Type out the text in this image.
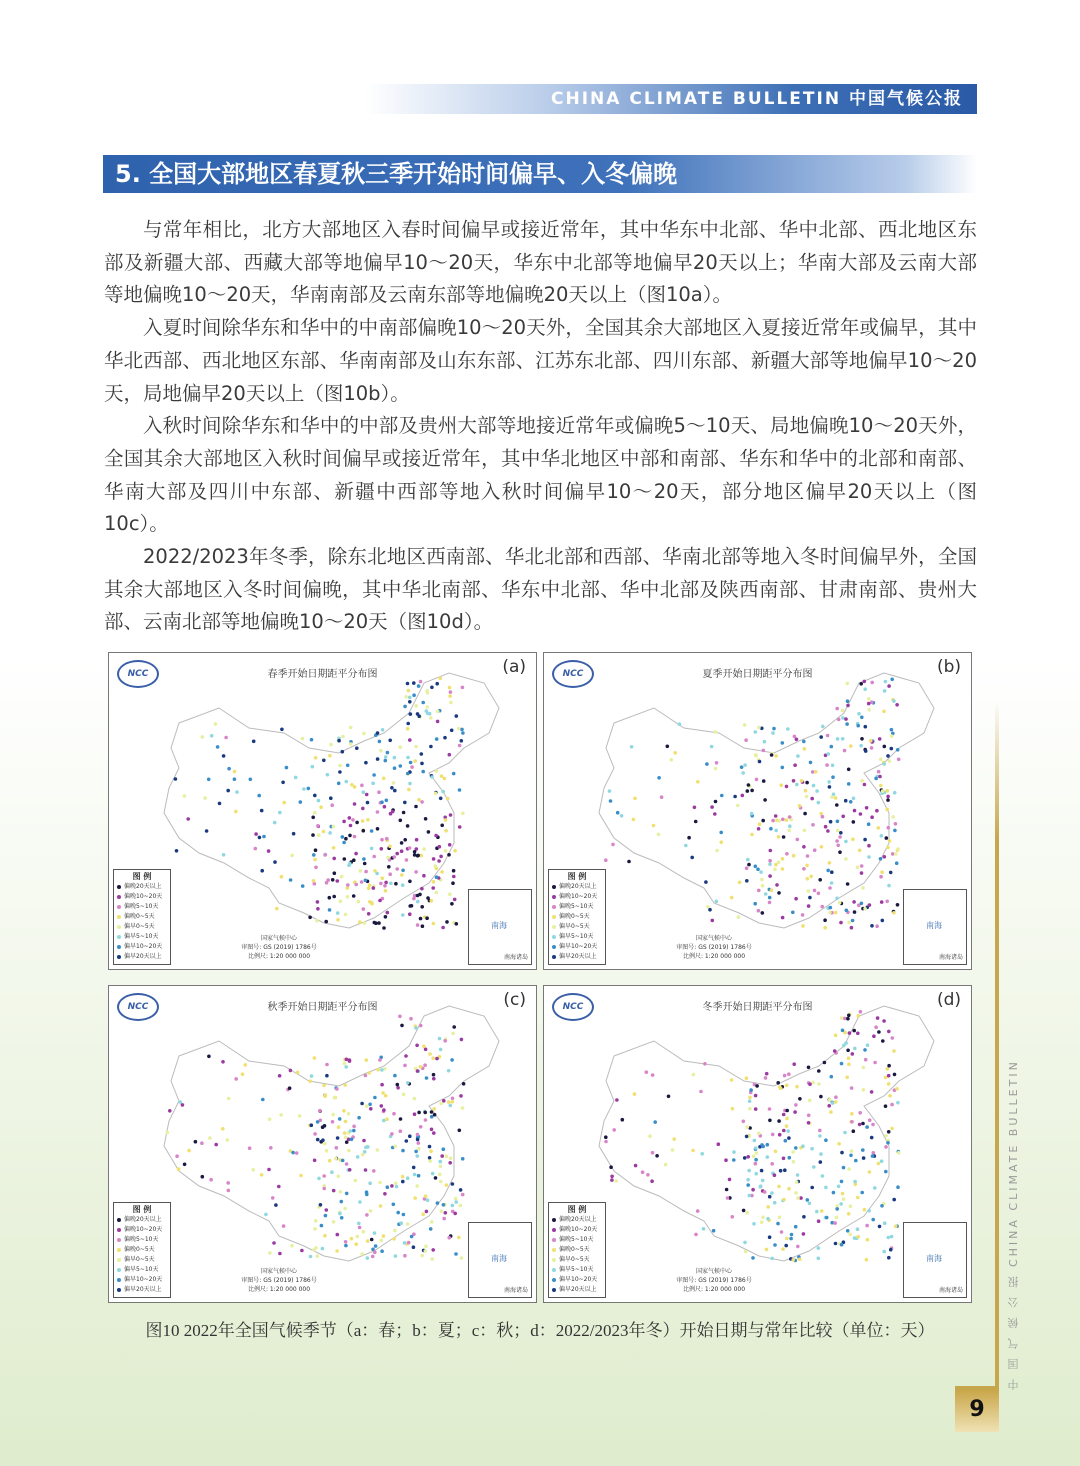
CHINA CLIMATE BULLETIN 中国气候公报
5. 全国大部地区春夏秋三季开始时间偏早、入冬偏晚

与常年相比，北方大部地区入春时间偏早或接近常年，其中华东中北部、华中北部、西北地区东部及新疆大部、西藏大部等地偏早10～20天，华东中北部等地偏早20天以上；华南大部及云南大部等地偏晚10～20天，华南南部及云南东部等地偏晚20天以上（图10a）。

入夏时间除华东和华中的中南部偏晚10～20天外，全国其余大部地区入夏接近常年或偏早，其中华北西部、西北地区东部、华南南部及山东东部、江苏东北部、四川东部、新疆大部等地偏早10～20天，局地偏早20天以上（图10b）。

入秋时间除华东和华中的中部及贵州大部等地接近常年或偏晚5～10天、局地偏晚10～20天外，全国其余大部地区入秋时间偏早或接近常年，其中华北地区中部和南部、华东和华中的北部和南部、华南大部及四川中东部、新疆中西部等地入秋时间偏早10～20天，部分地区偏早20天以上（图10c）。

2022/2023年冬季，除东北地区西南部、华北北部和西部、华南北部等地入冬时间偏早外，全国其余大部地区入冬时间偏晚，其中华北南部、华东中北部、华中北部及陕西南部、甘肃南部、贵州大部、云南北部等地偏晚10～20天（图10d）。

NCC	春季开始日期距平分布图	(a)
图 例
偏晚20天以上
偏晚10~20天
偏晚5~10天
偏晚0~5天
偏早0~5天
偏早5~10天
偏早10~20天
偏早20天以上
国家气候中心
审图号: GS (2019) 1786号
比例尺: 1:20 000 000
南海
南海诸岛
NCC	夏季开始日期距平分布图	(b)
图 例
偏晚20天以上
偏晚10~20天
偏晚5~10天
偏晚0~5天
偏早0~5天
偏早5~10天
偏早10~20天
偏早20天以上
国家气候中心
审图号: GS (2019) 1786号
比例尺: 1:20 000 000
南海
南海诸岛
NCC	秋季开始日期距平分布图	(c)
图 例
偏晚20天以上
偏晚10~20天
偏晚5~10天
偏晚0~5天
偏早0~5天
偏早5~10天
偏早10~20天
偏早20天以上
国家气候中心
审图号: GS (2019) 1786号
比例尺: 1:20 000 000
南海
南海诸岛
NCC	冬季开始日期距平分布图	(d)
图 例
偏晚20天以上
偏晚10~20天
偏晚5~10天
偏晚0~5天
偏早0~5天
偏早5~10天
偏早10~20天
偏早20天以上
国家气候中心
审图号: GS (2019) 1786号
比例尺: 1:20 000 000
南海
南海诸岛
图10 2022年全国气候季节（a：春；b：夏；c：秋；d：2022/2023年冬）开始日期与常年比较（单位：天）
9
中 国 气 候 公 报 CHINA CLIMATE BULLETIN
